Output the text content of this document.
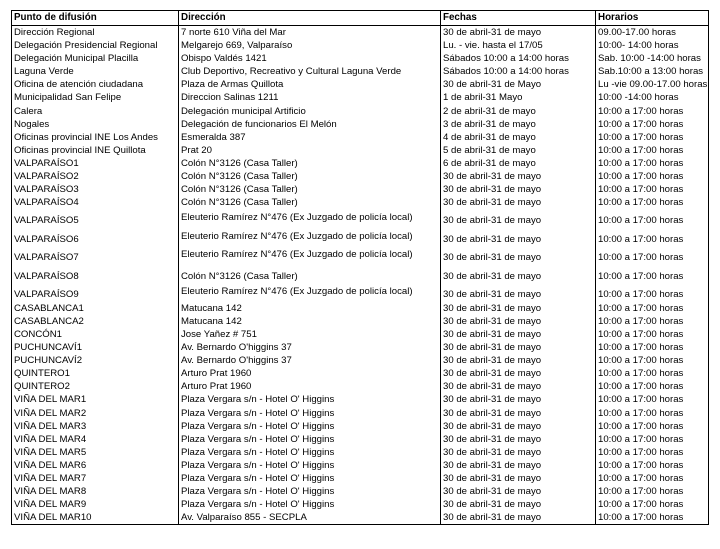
Punto de difusión	Dirección	Fechas	Horarios
Dirección Regional	7 norte 610 Viña del Mar	30 de abril-31 de mayo	09.00-17.00 horas
Delegación Presidencial Regional	Melgarejo 669, Valparaíso	Lu. - vie. hasta el 17/05	10:00- 14:00 horas
Delegación Municipal Placilla	Obispo Valdés 1421	Sábados 10:00 a 14:00 horas	Sab. 10:00 -14:00 horas
Laguna Verde	Club Deportivo, Recreativo y Cultural Laguna Verde	Sábados 10:00 a 14:00 horas	Sab.10:00 a 13:00 horas
Oficina de atención ciudadana	Plaza de Armas Quillota	30 de abril-31 de Mayo	Lu -vie 09.00-17.00 horas
Municipalidad San Felipe	Direccion Salinas 1211	1 de abril-31 Mayo	10:00 -14:00 horas
Calera	Delegación municipal Artificio	2 de abril-31 de mayo	10:00 a 17:00 horas
Nogales	Delegación de funcionarios El Melón	3 de abril-31 de mayo	10:00 a 17:00 horas
Oficinas provincial INE Los Andes	Esmeralda 387	4 de abril-31 de mayo	10:00 a 17:00 horas
Oficinas provincial INE Quillota	Prat 20	5 de abril-31 de mayo	10:00 a 17:00 horas
VALPARAÍSO1	Colón N°3126 (Casa Taller)	6 de abril-31 de mayo	10:00 a 17:00 horas
VALPARAÍSO2	Colón N°3126 (Casa Taller)	30 de abril-31 de mayo	10:00 a 17:00 horas
VALPARAÍSO3	Colón N°3126 (Casa Taller)	30 de abril-31 de mayo	10:00 a 17:00 horas
VALPARAÍSO4	Colón N°3126 (Casa Taller)	30 de abril-31 de mayo	10:00 a 17:00 horas
VALPARAÍSO5	Eleuterio Ramírez N°476 (Ex Juzgado de policía local)	30 de abril-31 de mayo	10:00 a 17:00 horas
VALPARAÍSO6	Eleuterio Ramírez N°476 (Ex Juzgado de policía local)	30 de abril-31 de mayo	10:00 a 17:00 horas
VALPARAÍSO7	Eleuterio Ramírez N°476 (Ex Juzgado de policía local)	30 de abril-31 de mayo	10:00 a 17:00 horas
VALPARAÍSO8	Colón N°3126 (Casa Taller)	30 de abril-31 de mayo	10:00 a 17:00 horas
VALPARAÍSO9	Eleuterio Ramírez N°476 (Ex Juzgado de policía local)	30 de abril-31 de mayo	10:00 a 17:00 horas
CASABLANCA1	Matucana 142	30 de abril-31 de mayo	10:00 a 17:00 horas
CASABLANCA2	Matucana 142	30 de abril-31 de mayo	10:00 a 17:00 horas
CONCÓN1	Jose Yañez # 751	30 de abril-31 de mayo	10:00 a 17:00 horas
PUCHUNCAVÍ1	Av. Bernardo O'higgins 37	30 de abril-31 de mayo	10:00 a 17:00 horas
PUCHUNCAVÍ2	Av. Bernardo O'higgins 37	30 de abril-31 de mayo	10:00 a 17:00 horas
QUINTERO1	Arturo Prat 1960	30 de abril-31 de mayo	10:00 a 17:00 horas
QUINTERO2	Arturo Prat 1960	30 de abril-31 de mayo	10:00 a 17:00 horas
VIÑA DEL MAR1	Plaza Vergara s/n - Hotel O' Higgins	30 de abril-31 de mayo	10:00 a 17:00 horas
VIÑA DEL MAR2	Plaza Vergara s/n - Hotel O' Higgins	30 de abril-31 de mayo	10:00 a 17:00 horas
VIÑA DEL MAR3	Plaza Vergara s/n - Hotel O' Higgins	30 de abril-31 de mayo	10:00 a 17:00 horas
VIÑA DEL MAR4	Plaza Vergara s/n - Hotel O' Higgins	30 de abril-31 de mayo	10:00 a 17:00 horas
VIÑA DEL MAR5	Plaza Vergara s/n - Hotel O' Higgins	30 de abril-31 de mayo	10:00 a 17:00 horas
VIÑA DEL MAR6	Plaza Vergara s/n - Hotel O' Higgins	30 de abril-31 de mayo	10:00 a 17:00 horas
VIÑA DEL MAR7	Plaza Vergara s/n - Hotel O' Higgins	30 de abril-31 de mayo	10:00 a 17:00 horas
VIÑA DEL MAR8	Plaza Vergara s/n - Hotel O' Higgins	30 de abril-31 de mayo	10:00 a 17:00 horas
VIÑA DEL MAR9	Plaza Vergara s/n - Hotel O' Higgins	30 de abril-31 de mayo	10:00 a 17:00 horas
VIÑA DEL MAR10	Av. Valparaíso 855 - SECPLA	30 de abril-31 de mayo	10:00 a 17:00 horas
